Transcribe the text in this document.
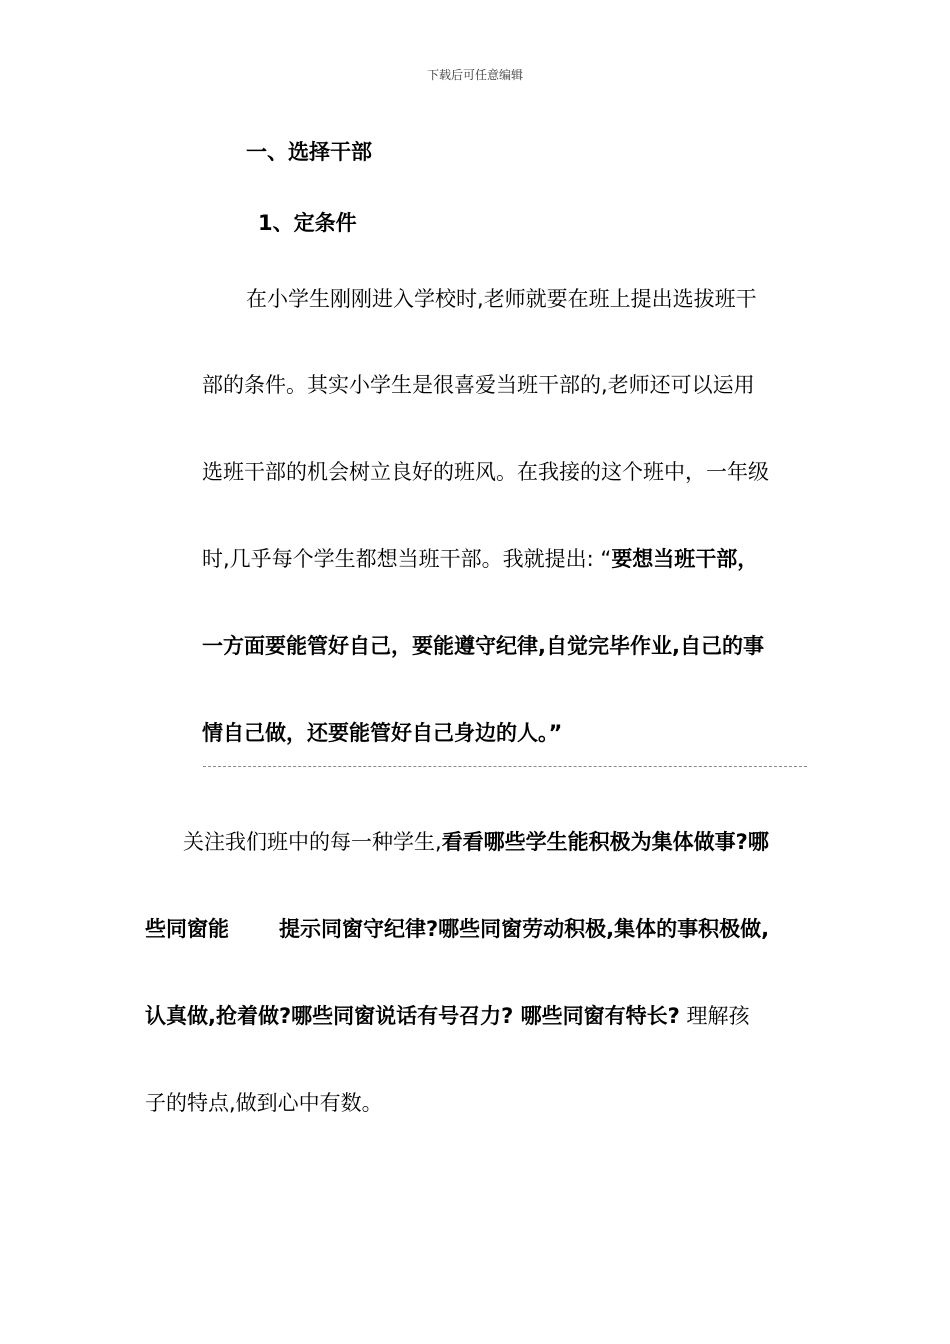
下载后可任意编辑
一、选择干部
1、定条件
在小学生刚刚进入学校时,老师就要在班上提出选拔班干
部的条件。其实小学生是很喜爱当班干部的,老师还可以运用
选班干部的机会树立良好的班风。在我接的这个班中，一年级
时,几乎每个学生都想当班干部。我就提出: “要想当班干部，
一方面要能管好自己，要能遵守纪律,自觉完毕作业,自己的事
情自己做，还要能管好自己身边的人。”
关注我们班中的每一种学生,看看哪些学生能积极为集体做事?哪
些同窗能 提示同窗守纪律?哪些同窗劳动积极,集体的事积极做,
认真做,抢着做?哪些同窗说话有号召力? 哪些同窗有特长? 理解孩
子的特点,做到心中有数。
